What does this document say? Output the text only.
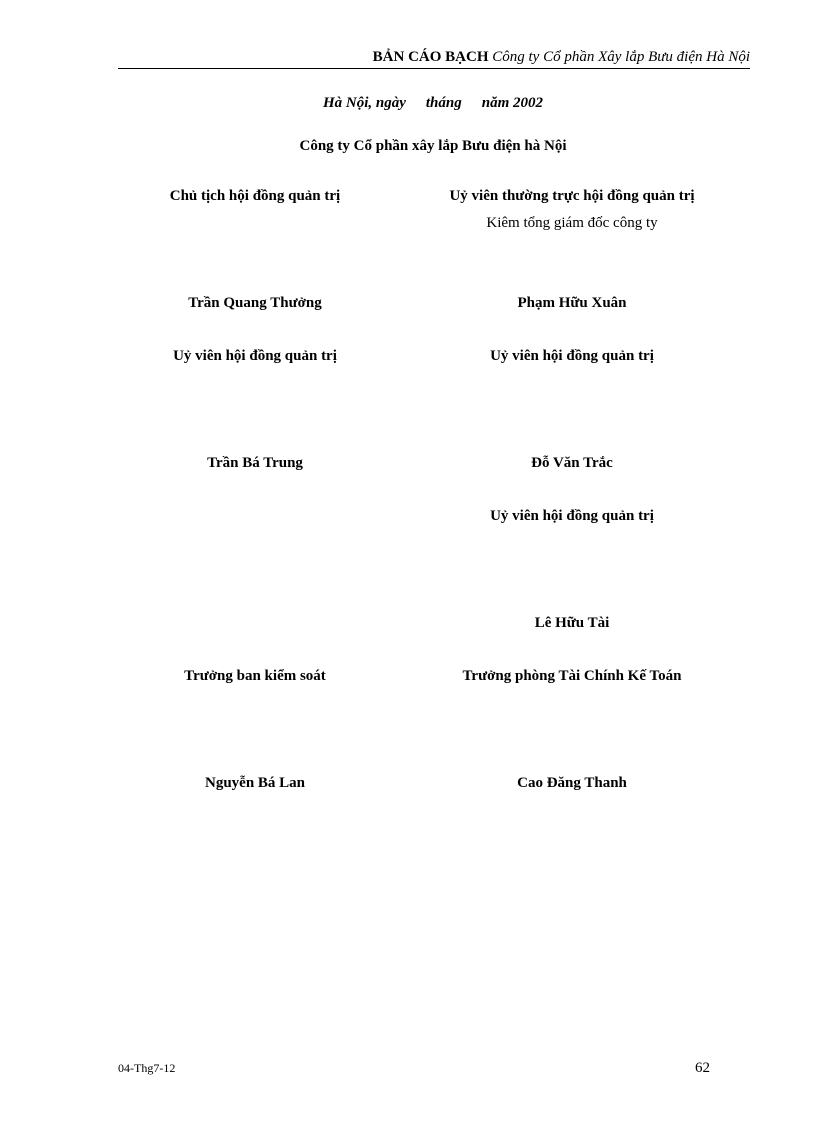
BẢN CÁO BẠCH Công ty Cổ phần Xây lắp Bưu điện Hà Nội
Hà Nội, ngày tháng năm 2002
Công ty Cổ phần xây lắp Bưu điện hà Nội
Chủ tịch hội đồng quản trị
Trần Quang Thưởng
Uỷ viên hội đồng quản trị
Trần Bá Trung
Trưởng ban kiểm soát
Nguyễn Bá Lan
Uỷ viên thường trực hội đồng quản trị
Kiêm tổng giám đốc công ty
Phạm Hữu Xuân
Uỷ viên hội đồng quản trị
Đỗ Văn Trắc
Uỷ viên hội đồng quản trị
Lê Hữu Tài
Trưởng phòng Tài Chính Kế Toán
Cao Đăng Thanh
04-Thg7-12	62
